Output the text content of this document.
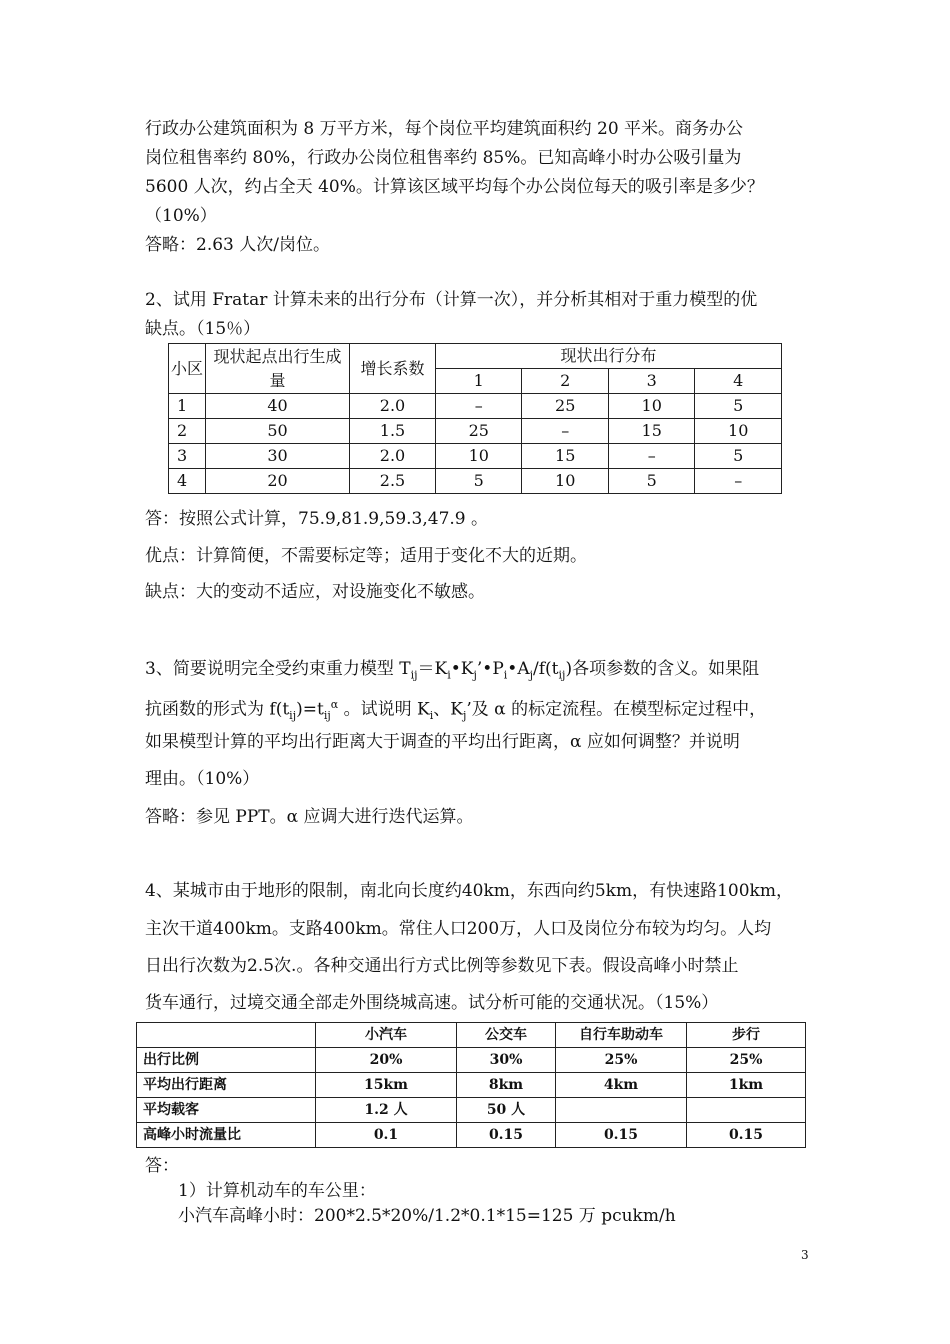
行政办公建筑面积为 8 万平方米，每个岗位平均建筑面积约 20 平米。商务办公
岗位租售率约 80%，行政办公岗位租售率约 85%。已知高峰小时办公吸引量为
5600 人次，约占全天 40%。计算该区域平均每个办公岗位每天的吸引率是多少？
（10%）
答略：2.63 人次/岗位。
2、试用 Fratar 计算未来的出行分布（计算一次），并分析其相对于重力模型的优
缺点。（15％）
小区	现状起点出行生成量	增长系数	现状出行分布			
			1	2	3	4
1	40	2.0	–	25	10	5
2	50	1.5	25	–	15	10
3	30	2.0	10	15	–	5
4	20	2.5	5	10	5	–
答：按照公式计算，75.9,81.9,59.3,47.9 。
优点：计算简便，不需要标定等；适用于变化不大的近期。
缺点：大的变动不适应，对设施变化不敏感。
3、简要说明完全受约束重力模型 $T_{ij}=K_i•K_j’•P_i•A_j/f(t_{ij})$各项参数的含义。如果阻
抗函数的形式为 $f(t_{ij})=t_{ij}^\alpha$ 。试说明 $K_i$、$K_j$’及 α 的标定流程。在模型标定过程中，
如果模型计算的平均出行距离大于调查的平均出行距离，α 应如何调整？并说明
理由。（10%）
答略：参见 PPT。α 应调大进行迭代运算。
4、某城市由于地形的限制，南北向长度约40km，东西向约5km，有快速路100km，
主次干道400km。支路400km。常住人口200万，人口及岗位分布较为均匀。人均
日出行次数为2.5次.。各种交通出行方式比例等参数见下表。假设高峰小时禁止
货车通行，过境交通全部走外围绕城高速。试分析可能的交通状况。（15%）
	小汽车	公交车	自行车助动车	步行
出行比例	20%	30%	25%	25%
平均出行距离	15km	8km	4km	1km
平均载客	1.2 人	50 人		
高峰小时流量比	0.1	0.15	0.15	0.15
答：
1）计算机动车的车公里：
小汽车高峰小时：200*2.5*20%/1.2*0.1*15=125 万 pcukm/h
3
